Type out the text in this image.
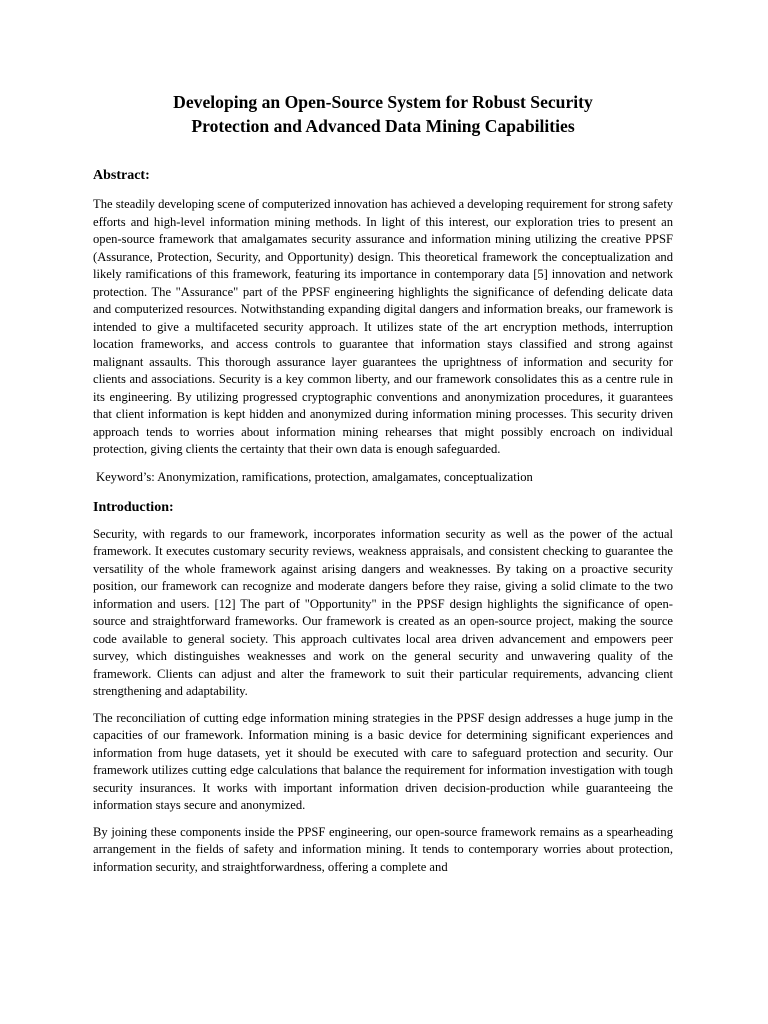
Developing an Open-Source System for Robust Security
Protection and Advanced Data Mining Capabilities
Abstract:

The steadily developing scene of computerized innovation has achieved a developing requirement for strong safety efforts and high-level information mining methods. In light of this interest, our exploration tries to present an open-source framework that amalgamates security assurance and information mining utilizing the creative PPSF (Assurance, Protection, Security, and Opportunity) design. This theoretical framework the conceptualization and likely ramifications of this framework, featuring its importance in contemporary data [5] innovation and network protection. The "Assurance" part of the PPSF engineering highlights the significance of defending delicate data and computerized resources. Notwithstanding expanding digital dangers and information breaks, our framework is intended to give a multifaceted security approach. It utilizes state of the art encryption methods, interruption location frameworks, and access controls to guarantee that information stays classified and strong against malignant assaults. This thorough assurance layer guarantees the uprightness of information and security for clients and associations. Security is a key common liberty, and our framework consolidates this as a centre rule in its engineering. By utilizing progressed cryptographic conventions and anonymization procedures, it guarantees that client information is kept hidden and anonymized during information mining processes. This security driven approach tends to worries about information mining rehearses that might possibly encroach on individual protection, giving clients the certainty that their own data is enough safeguarded.

Keyword’s: Anonymization, ramifications, protection, amalgamates, conceptualization

Introduction:

Security, with regards to our framework, incorporates information security as well as the power of the actual framework. It executes customary security reviews, weakness appraisals, and consistent checking to guarantee the versatility of the whole framework against arising dangers and weaknesses. By taking on a proactive security position, our framework can recognize and moderate dangers before they raise, giving a solid climate to the two information and users. [12] The part of "Opportunity" in the PPSF design highlights the significance of open-source and straightforward frameworks. Our framework is created as an open-source project, making the source code available to general society. This approach cultivates local area driven advancement and empowers peer survey, which distinguishes weaknesses and work on the general security and unwavering quality of the framework. Clients can adjust and alter the framework to suit their particular requirements, advancing client strengthening and adaptability.

The reconciliation of cutting edge information mining strategies in the PPSF design addresses a huge jump in the capacities of our framework. Information mining is a basic device for determining significant experiences and information from huge datasets, yet it should be executed with care to safeguard protection and security. Our framework utilizes cutting edge calculations that balance the requirement for information investigation with tough security insurances. It works with important information driven decision-production while guaranteeing the information stays secure and anonymized.

By joining these components inside the PPSF engineering, our open-source framework remains as a spearheading arrangement in the fields of safety and information mining. It tends to contemporary worries about protection, information security, and straightforwardness, offering a complete and
